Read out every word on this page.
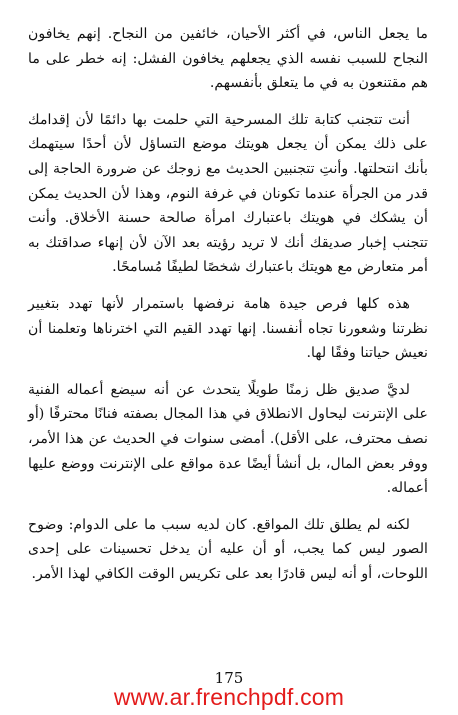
ما يجعل الناس، في أكثر الأحيان، خائفين من النجاح. إنهم يخافون النجاح للسبب نفسه الذي يجعلهم يخافون الفشل: إنه خطر على ما هم مقتنعون به في ما يتعلق بأنفسهم.

أنت تتجنب كتابة تلك المسرحية التي حلمت بها دائمًا لأن إقدامك على ذلك يمكن أن يجعل هويتك موضع التساؤل لأن أحدًا سيتهمك بأنك انتحلتها. وأنتِ تتجنبين الحديث مع زوجك عن ضرورة الحاجة إلى قدر من الجرأة عندما تكونان في غرفة النوم، وهذا لأن الحديث يمكن أن يشكك في هويتك باعتبارك امرأة صالحة حسنة الأخلاق. وأنت تتجنب إخبار صديقك أنك لا تريد رؤيته بعد الآن لأن إنهاء صداقتك به أمر متعارض مع هويتك باعتبارك شخصًا لطيفًا مُسامحًا.

هذه كلها فرص جيدة هامة نرفضها باستمرار لأنها تهدد بتغيير نظرتنا وشعورنا تجاه أنفسنا. إنها تهدد القيم التي اخترناها وتعلمنا أن نعيش حياتنا وفقًا لها.

لديَّ صديق ظل زمنًا طويلًا يتحدث عن أنه سيضع أعماله الفنية على الإنترنت ليحاول الانطلاق في هذا المجال بصفته فنانًا محترفًا (أو نصف محترف، على الأقل). أمضى سنوات في الحديث عن هذا الأمر، ووفر بعض المال، بل أنشأ أيضًا عدة مواقع على الإنترنت ووضع عليها أعماله.

لكنه لم يطلق تلك المواقع. كان لديه سبب ما على الدوام: وضوح الصور ليس كما يجب، أو أن عليه أن يدخل تحسينات على إحدى اللوحات، أو أنه ليس قادرًا بعد على تكريس الوقت الكافي لهذا الأمر.

175
www.ar.frenchpdf.com
